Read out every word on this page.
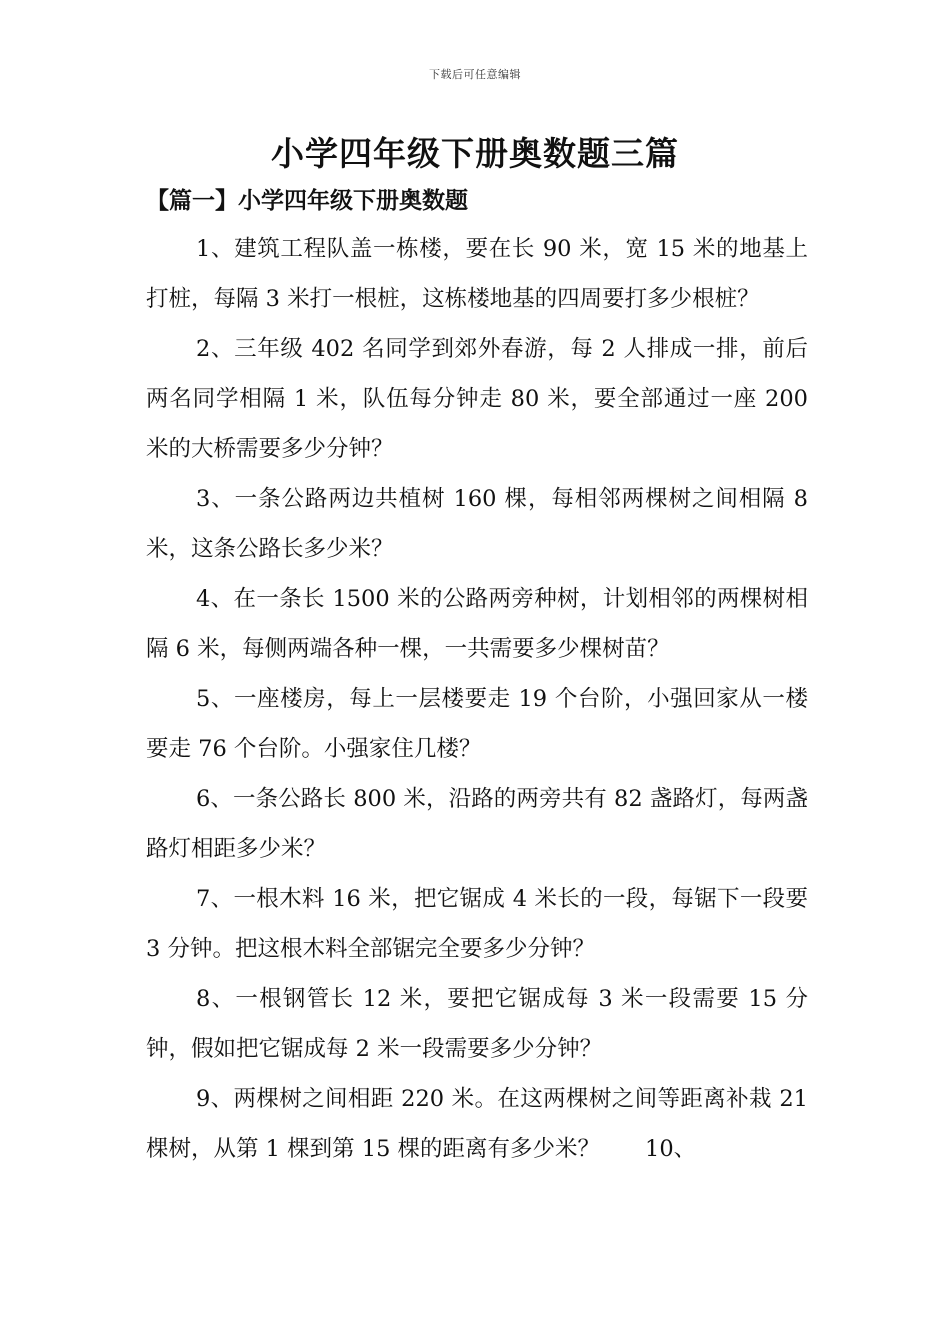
下载后可任意编辑
小学四年级下册奥数题三篇
【篇一】小学四年级下册奥数题

1、建筑工程队盖一栋楼，要在长 90 米，宽 15 米的地基上打桩，每隔 3 米打一根桩，这栋楼地基的四周要打多少根桩？

2、三年级 402 名同学到郊外春游，每 2 人排成一排，前后两名同学相隔 1 米，队伍每分钟走 80 米，要全部通过一座 200 米的大桥需要多少分钟？

3、一条公路两边共植树 160 棵，每相邻两棵树之间相隔 8 米，这条公路长多少米？

4、在一条长 1500 米的公路两旁种树，计划相邻的两棵树相隔 6 米，每侧两端各种一棵，一共需要多少棵树苗？

5、一座楼房，每上一层楼要走 19 个台阶，小强回家从一楼要走 76 个台阶。小强家住几楼？

6、一条公路长 800 米，沿路的两旁共有 82 盏路灯，每两盏路灯相距多少米？

7、一根木料 16 米，把它锯成 4 米长的一段，每锯下一段要 3 分钟。把这根木料全部锯完全要多少分钟？

8、一根钢管长 12 米，要把它锯成每 3 米一段需要 15 分钟，假如把它锯成每 2 米一段需要多少分钟？

9、两棵树之间相距 220 米。在这两棵树之间等距离补栽 21 棵树，从第 1 棵到第 15 棵的距离有多少米？　　10、
